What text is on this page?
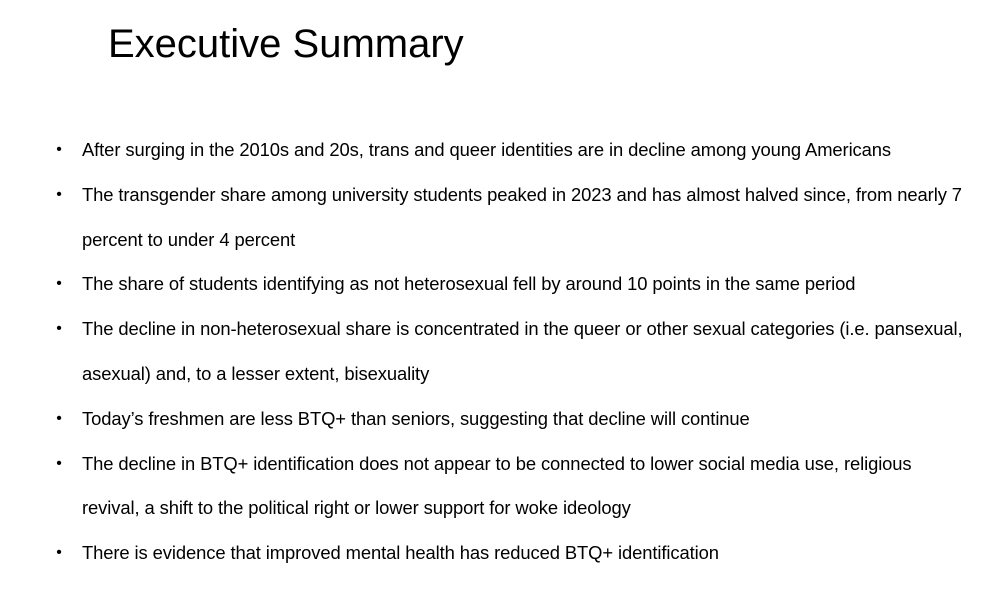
Executive Summary
• After surging in the 2010s and 20s, trans and queer identities are in decline among young Americans
• The transgender share among university students peaked in 2023 and has almost halved since, from nearly 7 percent to under 4 percent
• The share of students identifying as not heterosexual fell by around 10 points in the same period
• The decline in non-heterosexual share is concentrated in the queer or other sexual categories (i.e. pansexual, asexual) and, to a lesser extent, bisexuality
• Today’s freshmen are less BTQ+ than seniors, suggesting that decline will continue
• The decline in BTQ+ identification does not appear to be connected to lower social media use, religious revival, a shift to the political right or lower support for woke ideology
• There is evidence that improved mental health has reduced BTQ+ identification
